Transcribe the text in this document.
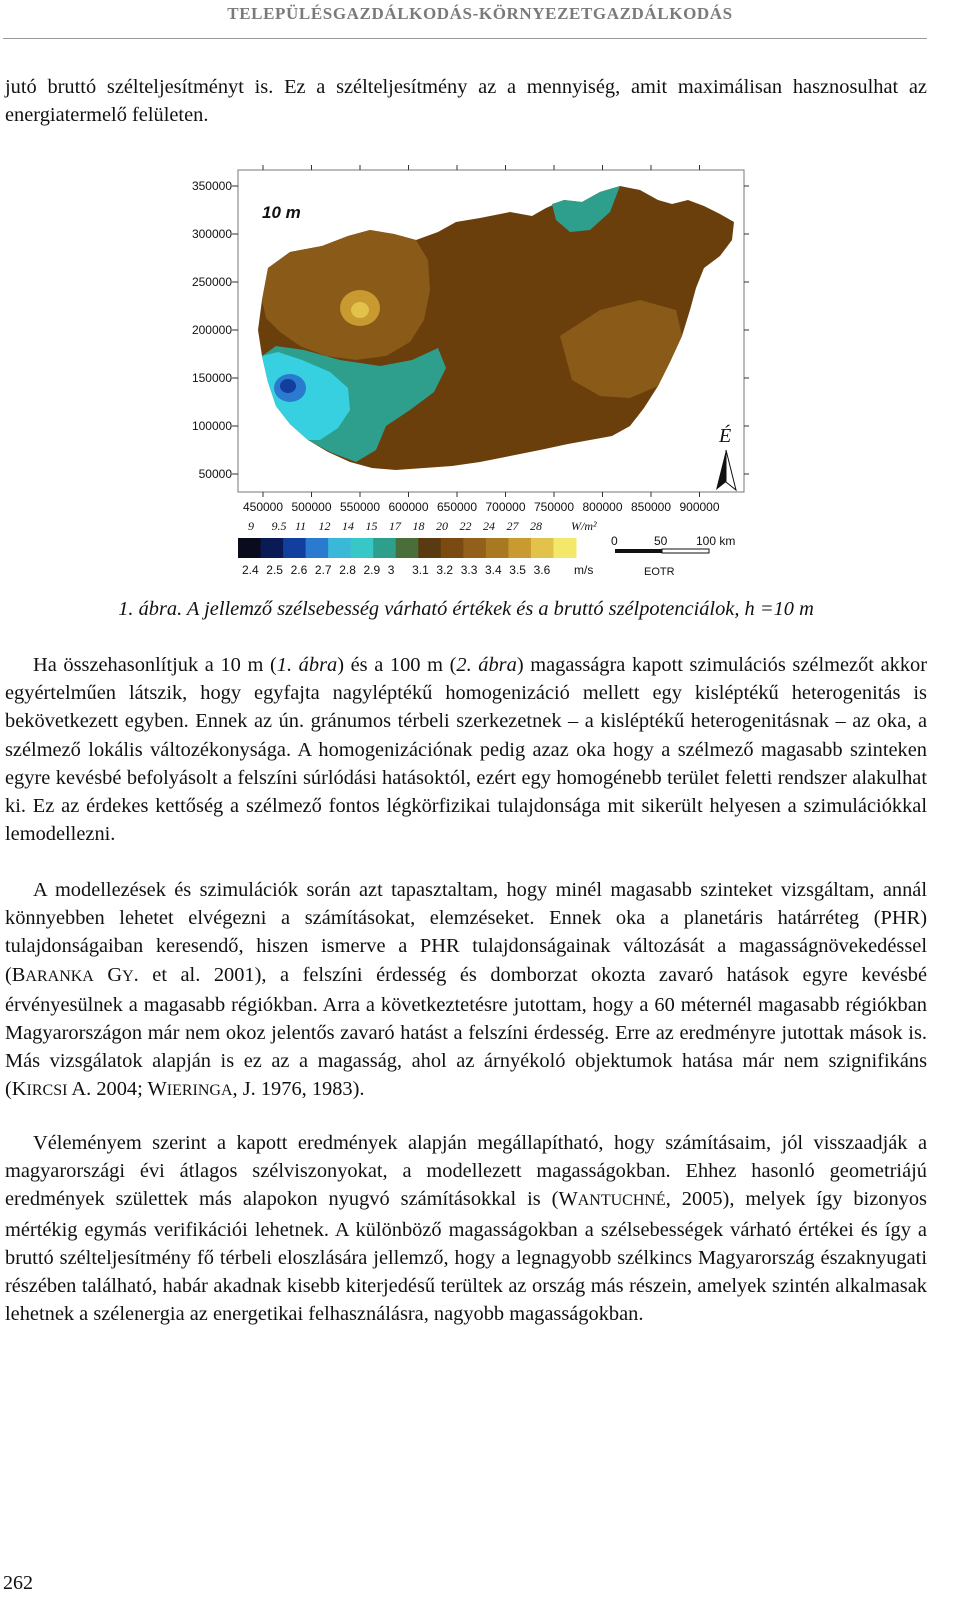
TELEPÜLÉSGAZDÁLKODÁS-KÖRNYEZETGAZDÁLKODÁS

jutó bruttó szélteljesítményt is. Ez a szélteljesítmény az a mennyiség, amit maximálisan hasznosulhat az energiatermelő felületen.

350000
300000
250000
200000
150000
100000
50000
450000 500000 550000 600000 650000 700000 750000 800000 850000 900000
10 m
É
9 9.5 11 12 14 15 17 18 20 22 24 27 28 W/m²
2.4 2.5 2.6 2.7 2.8 2.9 3 3.1 3.2 3.3 3.4 3.5 3.6 m/s
0	50 100 km
EOTR
1. ábra. A jellemző szélsebesség várható értékek és a bruttó szélpotenciálok, h =10 m

Ha összehasonlítjuk a 10 m (1. ábra) és a 100 m (2. ábra) magasságra kapott szimulációs szélmezőt akkor egyértelműen látszik, hogy egyfajta nagyléptékű homogenizáció mellett egy kisléptékű heterogenitás is bekövetkezett egyben. Ennek az ún. gránumos térbeli szerkezetnek – a kisléptékű heterogenitásnak – az oka, a szélmező lokális változékonysága. A homogenizációnak pedig azaz oka hogy a szélmező magasabb szinteken egyre kevésbé befolyásolt a felszíni súrlódási hatásoktól, ezért egy homogénebb terület feletti rendszer alakulhat ki. Ez az érdekes kettőség a szélmező fontos légkörfizikai tulajdonsága mit sikerült helyesen a szimulációkkal lemodellezni.

A modellezések és szimulációk során azt tapasztaltam, hogy minél magasabb szinteket vizsgáltam, annál könnyebben lehetet elvégezni a számításokat, elemzéseket. Ennek oka a planetáris határréteg (PHR) tulajdonságaiban keresendő, hiszen ismerve a PHR tulajdonságainak változását a magasságnövekedéssel (BARANKA GY. et al. 2001), a felszíni érdesség és domborzat okozta zavaró hatások egyre kevésbé érvényesülnek a magasabb régiókban. Arra a következtetésre jutottam, hogy a 60 méternél magasabb régiókban Magyarországon már nem okoz jelentős zavaró hatást a felszíni érdesség. Erre az eredményre jutottak mások is. Más vizsgálatok alapján is ez az a magasság, ahol az árnyékoló objektumok hatása már nem szignifikáns (KIRCSI A. 2004; WIERINGA, J. 1976, 1983).

Véleményem szerint a kapott eredmények alapján megállapítható, hogy számításaim, jól visszaadják a magyarországi évi átlagos szélviszonyokat, a modellezett magasságokban. Ehhez hasonló geometriájú eredmények születtek más alapokon nyugvó számításokkal is (WANTUCHNÉ, 2005), melyek így bizonyos mértékig egymás verifikációi lehetnek. A különböző magasságokban a szélsebességek várható értékei és így a bruttó szélteljesítmény fő térbeli eloszlására jellemző, hogy a legnagyobb szélkincs Magyarország északnyugati részében található, habár akadnak kisebb kiterjedésű terültek az ország más részein, amelyek szintén alkalmasak lehetnek a szélenergia az energetikai felhasználásra, nagyobb magasságokban.

262
